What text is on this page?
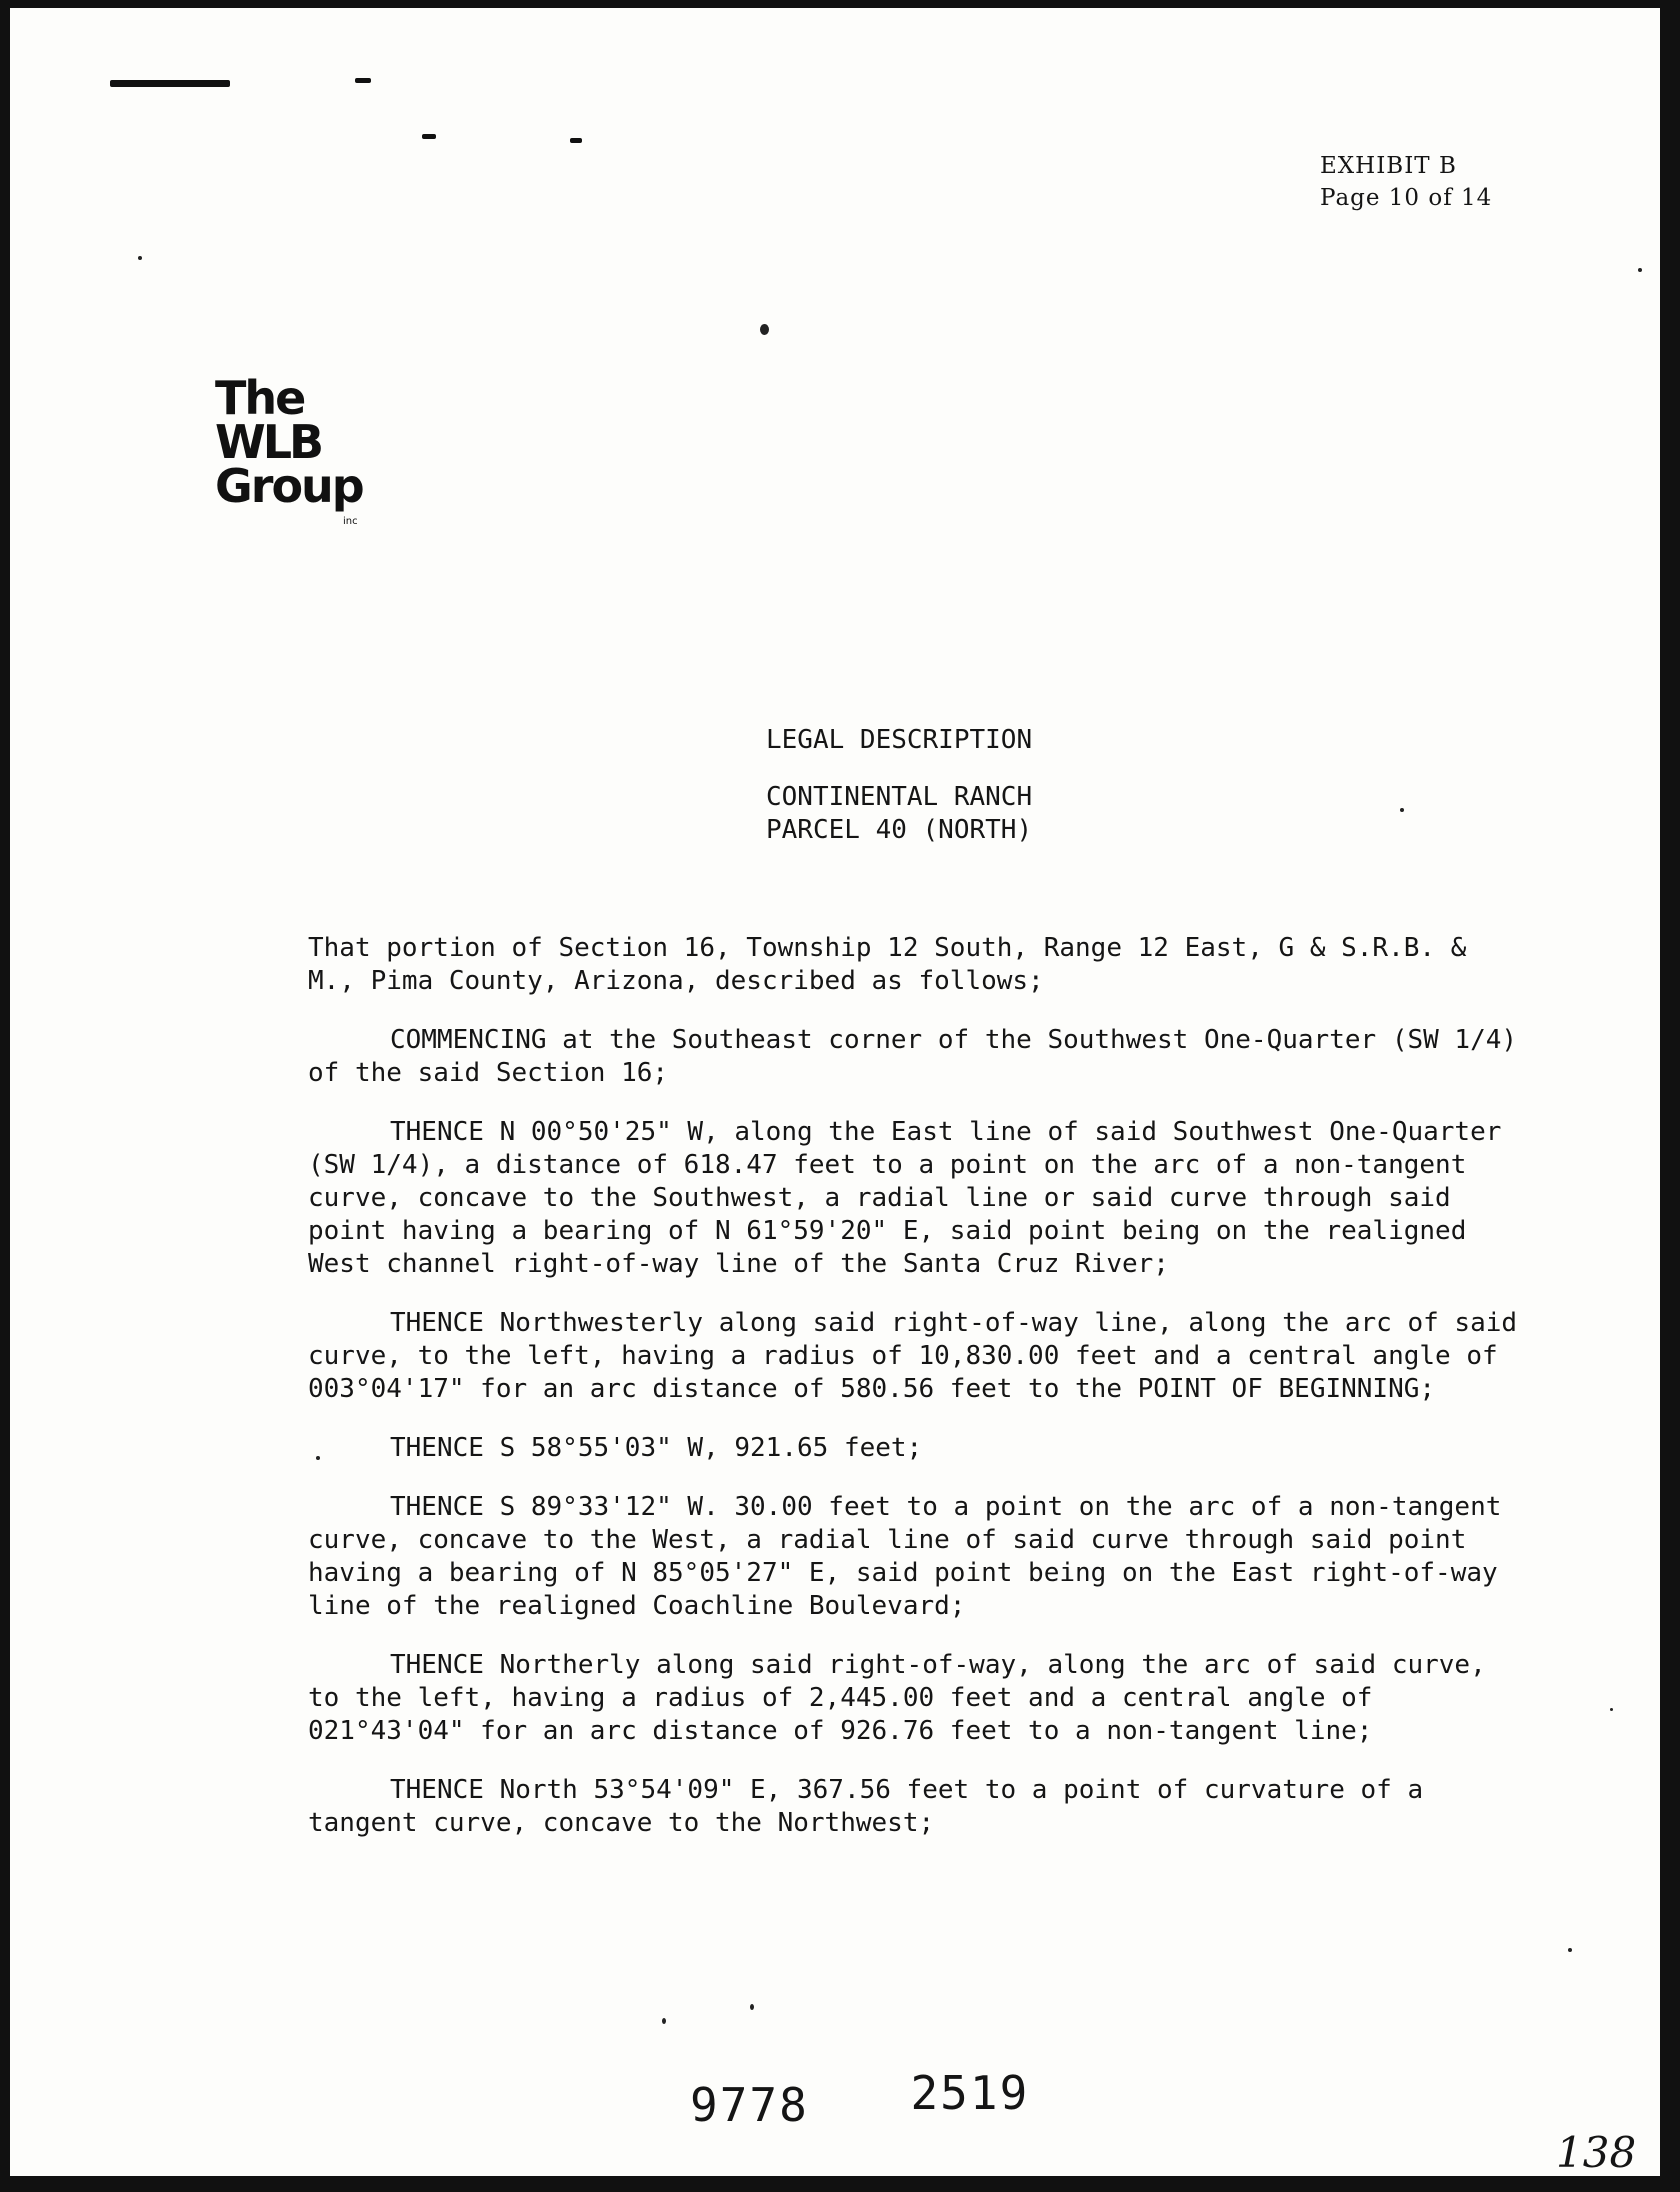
EXHIBIT B
Page 10 of 14
The
WLB
Group
inc
LEGAL DESCRIPTION
CONTINENTAL RANCH
PARCEL 40 (NORTH)
That portion of Section 16, Township 12 South, Range 12 East, G & S.R.B. &
M., Pima County, Arizona, described as follows;
COMMENCING at the Southeast corner of the Southwest One-Quarter (SW 1/4)
of the said Section 16;
THENCE N 00°50'25" W, along the East line of said Southwest One-Quarter
(SW 1/4), a distance of 618.47 feet to a point on the arc of a non-tangent
curve, concave to the Southwest, a radial line or said curve through said
point having a bearing of N 61°59'20" E, said point being on the realigned
West channel right-of-way line of the Santa Cruz River;
THENCE Northwesterly along said right-of-way line, along the arc of said
curve, to the left, having a radius of 10,830.00 feet and a central angle of
003°04'17" for an arc distance of 580.56 feet to the POINT OF BEGINNING;
THENCE S 58°55'03" W, 921.65 feet;
THENCE S 89°33'12" W. 30.00 feet to a point on the arc of a non-tangent
curve, concave to the West, a radial line of said curve through said point
having a bearing of N 85°05'27" E, said point being on the East right-of-way
line of the realigned Coachline Boulevard;
THENCE Northerly along said right-of-way, along the arc of said curve,
to the left, having a radius of 2,445.00 feet and a central angle of
021°43'04" for an arc distance of 926.76 feet to a non-tangent line;
THENCE North 53°54'09" E, 367.56 feet to a point of curvature of a
tangent curve, concave to the Northwest;
9778 2519
138
